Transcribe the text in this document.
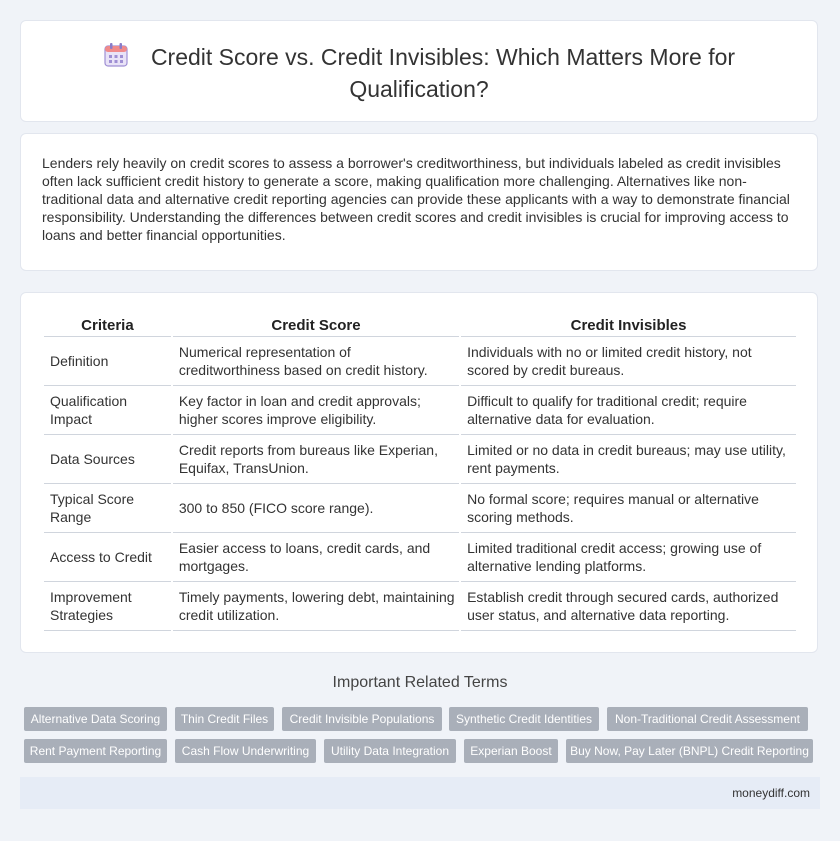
Credit Score vs. Credit Invisibles: Which Matters More for
Qualification?

Lenders rely heavily on credit scores to assess a borrower's creditworthiness, but individuals labeled as credit invisibles often lack sufficient credit history to generate a score, making qualification more challenging. Alternatives like non-traditional data and alternative credit reporting agencies can provide these applicants with a way to demonstrate financial responsibility. Understanding the differences between credit scores and credit invisibles is crucial for improving access to loans and better financial opportunities.

Criteria	Credit Score	Credit Invisibles
Definition	Numerical representation of creditworthiness based on credit history.	Individuals with no or limited credit history, not scored by credit bureaus.
Qualification Impact	Key factor in loan and credit approvals; higher scores improve eligibility.	Difficult to qualify for traditional credit; require alternative data for evaluation.
Data Sources	Credit reports from bureaus like Experian, Equifax, TransUnion.	Limited or no data in credit bureaus; may use utility, rent payments.
Typical Score Range	300 to 850 (FICO score range).	No formal score; requires manual or alternative scoring methods.
Access to Credit	Easier access to loans, credit cards, and mortgages.	Limited traditional credit access; growing use of alternative lending platforms.
Improvement Strategies	Timely payments, lowering debt, maintaining credit utilization.	Establish credit through secured cards, authorized user status, and alternative data reporting.
Important Related Terms
Alternative Data Scoring	Thin Credit Files	Credit Invisible Populations	Synthetic Credit Identities	Non-Traditional Credit Assessment
Rent Payment Reporting	Cash Flow Underwriting	Utility Data Integration	Experian Boost	Buy Now, Pay Later (BNPL) Credit Reporting
moneydiff.com
